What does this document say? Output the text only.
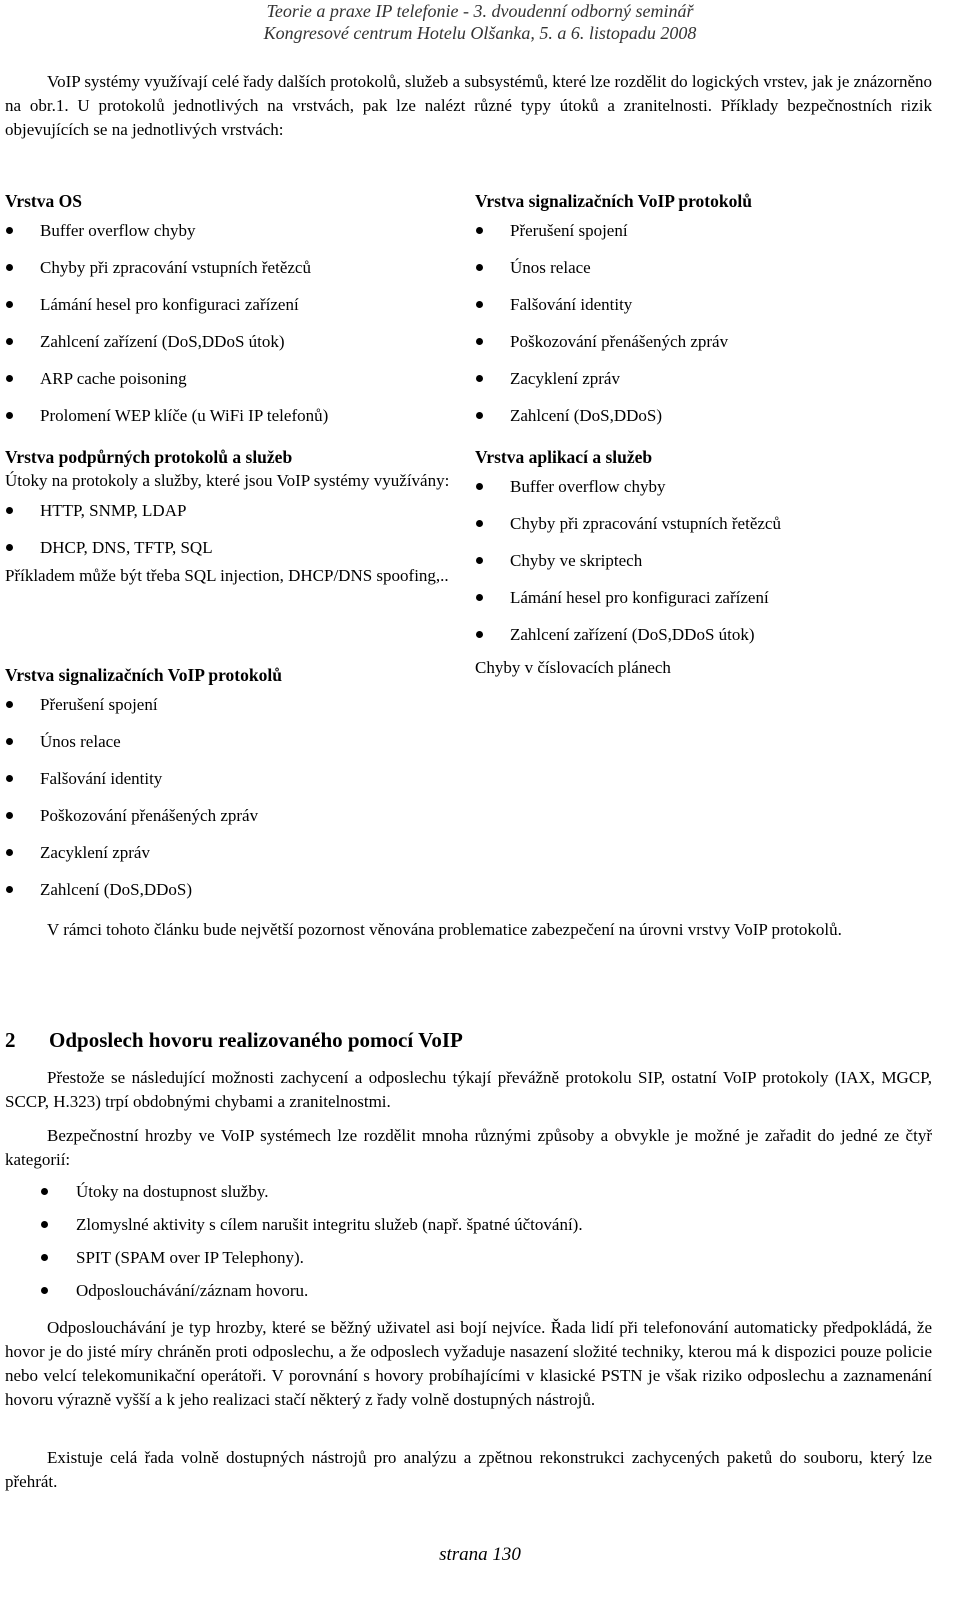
Teorie a praxe IP telefonie - 3. dvoudenní odborný seminář
Kongresové centrum Hotelu Olšanka, 5. a 6. listopadu 2008
VoIP systémy využívají celé řady dalších protokolů, služeb a subsystémů, které lze rozdělit do logických vrstev, jak je znázorněno na obr.1. U protokolů jednotlivých na vrstvách, pak lze nalézt různé typy útoků a zranitelnosti. Příklady bezpečnostních rizik objevujících se na jednotlivých vrstvách:

Vrstva OS

Buffer overflow chyby
Chyby při zpracování vstupních řetězců
Lámání hesel pro konfiguraci zařízení
Zahlcení zařízení (DoS,DDoS útok)
ARP cache poisoning
Prolomení WEP klíče (u WiFi IP telefonů)

Vrstva podpůrných protokolů a služeb

Útoky na protokoly a služby, které jsou VoIP systémy využívány:

HTTP, SNMP, LDAP
DHCP, DNS, TFTP, SQL

Příkladem může být třeba SQL injection, DHCP/DNS spoofing,..

Vrstva signalizačních VoIP protokolů

Přerušení spojení
Únos relace
Falšování identity
Poškozování přenášených zpráv
Zacyklení zpráv
Zahlcení (DoS,DDoS)

Vrstva signalizačních VoIP protokolů

Přerušení spojení
Únos relace
Falšování identity
Poškozování přenášených zpráv
Zacyklení zpráv
Zahlcení (DoS,DDoS)

Vrstva aplikací a služeb

Buffer overflow chyby
Chyby při zpracování vstupních řetězců
Chyby ve skriptech
Lámání hesel pro konfiguraci zařízení
Zahlcení zařízení (DoS,DDoS útok)

Chyby v číslovacích plánech

V rámci tohoto článku bude největší pozornost věnována problematice zabezpečení na úrovni vrstvy VoIP protokolů.
2 Odposlech hovoru realizovaného pomocí VoIP
Přestože se následující možnosti zachycení a odposlechu týkají převážně protokolu SIP, ostatní VoIP protokoly (IAX, MGCP, SCCP, H.323) trpí obdobnými chybami a zranitelnostmi.
Bezpečnostní hrozby ve VoIP systémech lze rozdělit mnoha různými způsoby a obvykle je možné je zařadit do jedné ze čtyř kategorií:
Útoky na dostupnost služby.
Zlomyslné aktivity s cílem narušit integritu služeb (např. špatné účtování).
SPIT (SPAM over IP Telephony).
Odposlouchávání/záznam hovoru.
Odposlouchávání je typ hrozby, které se běžný uživatel asi bojí nejvíce. Řada lidí při telefonování automaticky předpokládá, že hovor je do jisté míry chráněn proti odposlechu, a že odposlech vyžaduje nasazení složité techniky, kterou má k dispozici pouze policie nebo velcí telekomunikační operátoři. V porovnání s hovory probíhajícími v klasické PSTN je však riziko odposlechu a zaznamenání hovoru výrazně vyšší a k jeho realizaci stačí některý z řady volně dostupných nástrojů.
Existuje celá řada volně dostupných nástrojů pro analýzu a zpětnou rekonstrukci zachycených paketů do souboru, který lze přehrát.
strana 130
